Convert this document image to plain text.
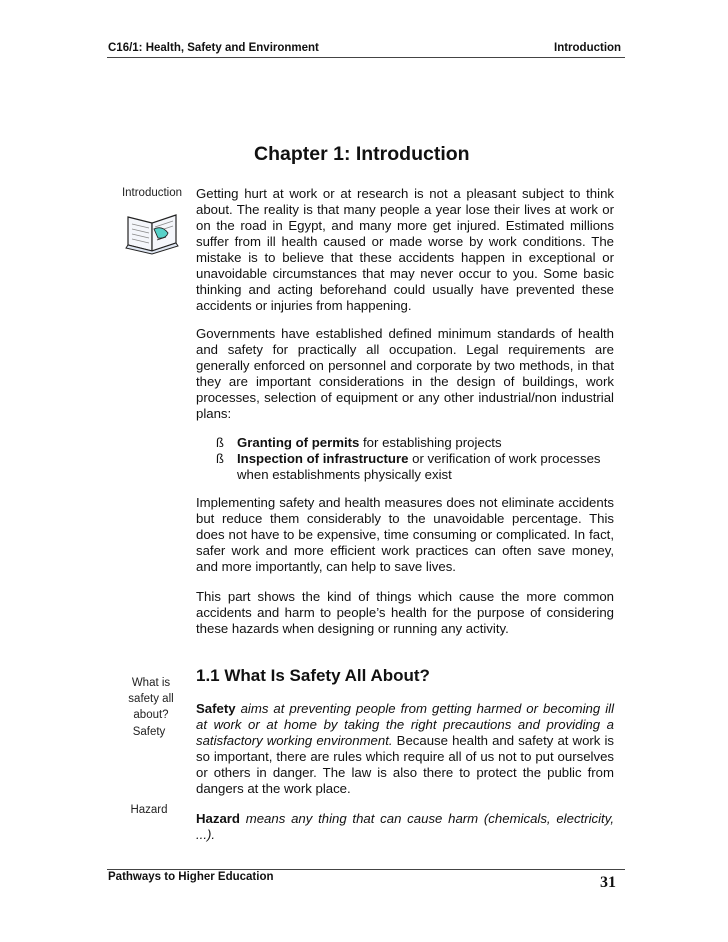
C16/1: Health, Safety and Environment	Introduction
Chapter 1: Introduction
Introduction	Getting hurt at work or at research is not a pleasant subject to think about. The reality is that many people a year lose their lives at work or on the road in Egypt, and many more get injured. Estimated millions suffer from ill health caused or made worse by work conditions. The mistake is to believe that these accidents happen in exceptional or unavoidable circumstances that may never occur to you. Some basic thinking and acting beforehand could usually have prevented these accidents or injuries from happening.

Governments have established defined minimum standards of health and safety for practically all occupation. Legal requirements are generally enforced on personnel and corporate by two methods, in that they are important considerations in the design of buildings, work processes, selection of equipment or any other industrial/non industrial plans:

ß Granting of permits for establishing projects
ß Inspection of infrastructure or verification of work processes when establishments physically exist

Implementing safety and health measures does not eliminate accidents but reduce them considerably to the unavoidable percentage. This does not have to be expensive, time consuming or complicated. In fact, safer work and more efficient work practices can often save money, and more importantly, can help to save lives.

This part shows the kind of things which cause the more common accidents and harm to people’s health for the purpose of considering these hazards when designing or running any activity.

What is safety all about?
1.1 What Is Safety All About?
Safety

Safety aims at preventing people from getting harmed or becoming ill at work or at home by taking the right precautions and providing a satisfactory working environment. Because health and safety at work is so important, there are rules which require all of us not to put ourselves or others in danger. The law is also there to protect the public from dangers at the work place.

Hazard

Hazard means any thing that can cause harm (chemicals, electricity, ...).

Pathways to Higher Education	31
